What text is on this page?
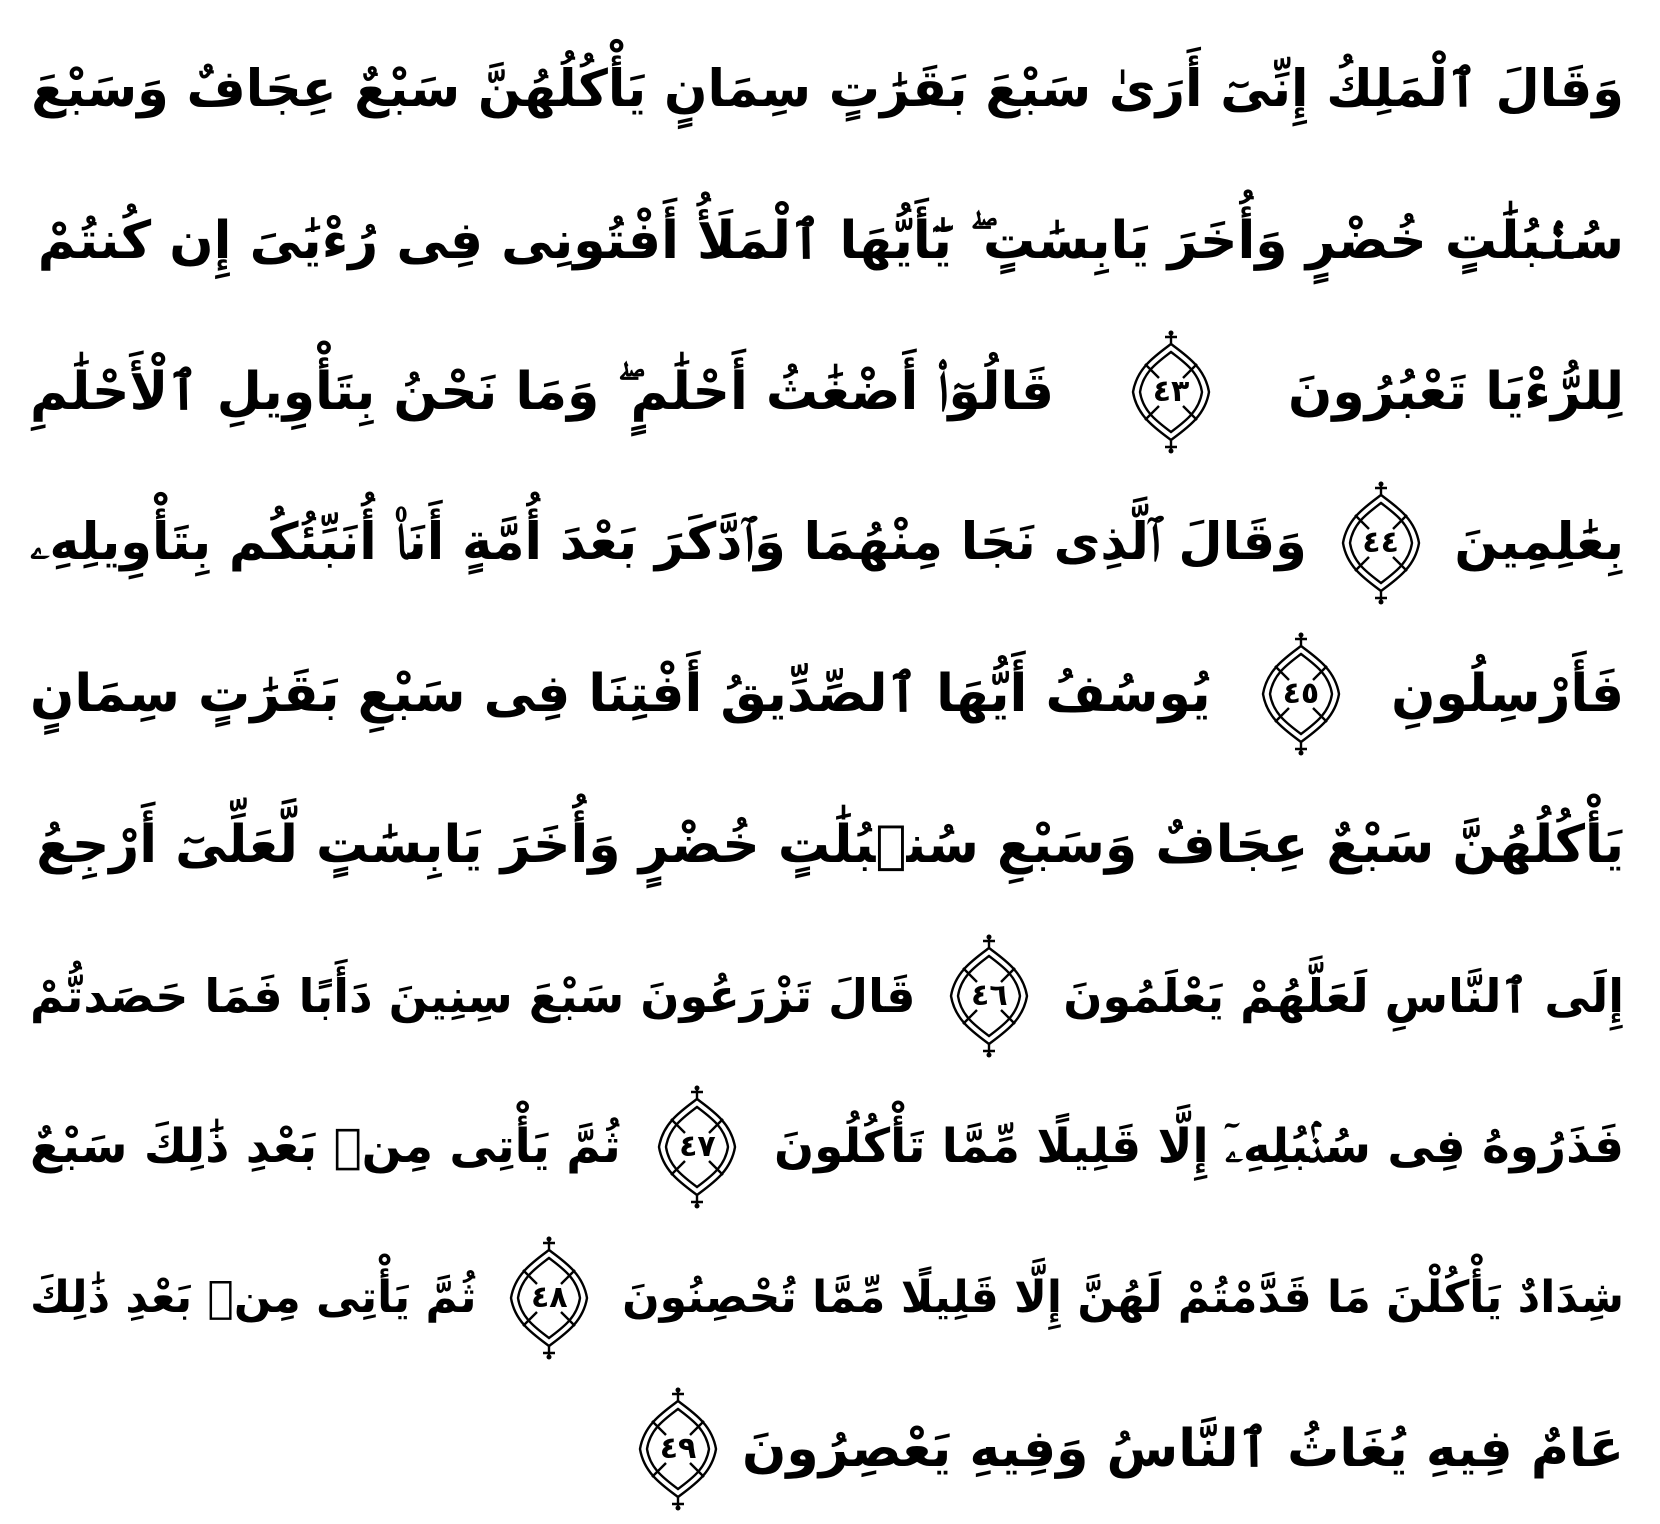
وَقَالَ ٱلْمَلِكُ إِنِّىٓ أَرَىٰ سَبْعَ بَقَرَٰتٍ سِمَانٍ يَأْكُلُهُنَّ سَبْعٌ عِجَافٌ وَسَبْعَ
سُنۢبُلَٰتٍ خُضْرٍ وَأُخَرَ يَابِسَٰتٍ ۖ يَٰٓأَيُّهَا ٱلْمَلَأُ أَفْتُونِى فِى رُءْيَٰىَ إِن كُنتُمْ
لِلرُّءْيَا تَعْبُرُونَ
٤٣
قَالُوٓا۟ أَضْغَٰثُ أَحْلَٰمٍ ۖ وَمَا نَحْنُ بِتَأْوِيلِ ٱلْأَحْلَٰمِ
بِعَٰلِمِينَ
٤٤
وَقَالَ ٱلَّذِى نَجَا مِنْهُمَا وَٱدَّكَرَ بَعْدَ أُمَّةٍ أَنَا۠ أُنَبِّئُكُم بِتَأْوِيلِهِۦ
فَأَرْسِلُونِ
٤٥
يُوسُفُ أَيُّهَا ٱلصِّدِّيقُ أَفْتِنَا فِى سَبْعِ بَقَرَٰتٍ سِمَانٍ
يَأْكُلُهُنَّ سَبْعٌ عِجَافٌ وَسَبْعِ سُنۢبُلَٰتٍ خُضْرٍ وَأُخَرَ يَابِسَٰتٍ لَّعَلِّىٓ أَرْجِعُ
إِلَى ٱلنَّاسِ لَعَلَّهُمْ يَعْلَمُونَ
٤٦
قَالَ تَزْرَعُونَ سَبْعَ سِنِينَ دَأَبًا فَمَا حَصَدتُّمْ
فَذَرُوهُ فِى سُنۢبُلِهِۦٓ إِلَّا قَلِيلًا مِّمَّا تَأْكُلُونَ
٤٧
ثُمَّ يَأْتِى مِنۢ بَعْدِ ذَٰلِكَ سَبْعٌ
شِدَادٌ يَأْكُلْنَ مَا قَدَّمْتُمْ لَهُنَّ إِلَّا قَلِيلًا مِّمَّا تُحْصِنُونَ
٤٨
ثُمَّ يَأْتِى مِنۢ بَعْدِ ذَٰلِكَ
عَامٌ فِيهِ يُغَاثُ ٱلنَّاسُ وَفِيهِ يَعْصِرُونَ
٤٩
